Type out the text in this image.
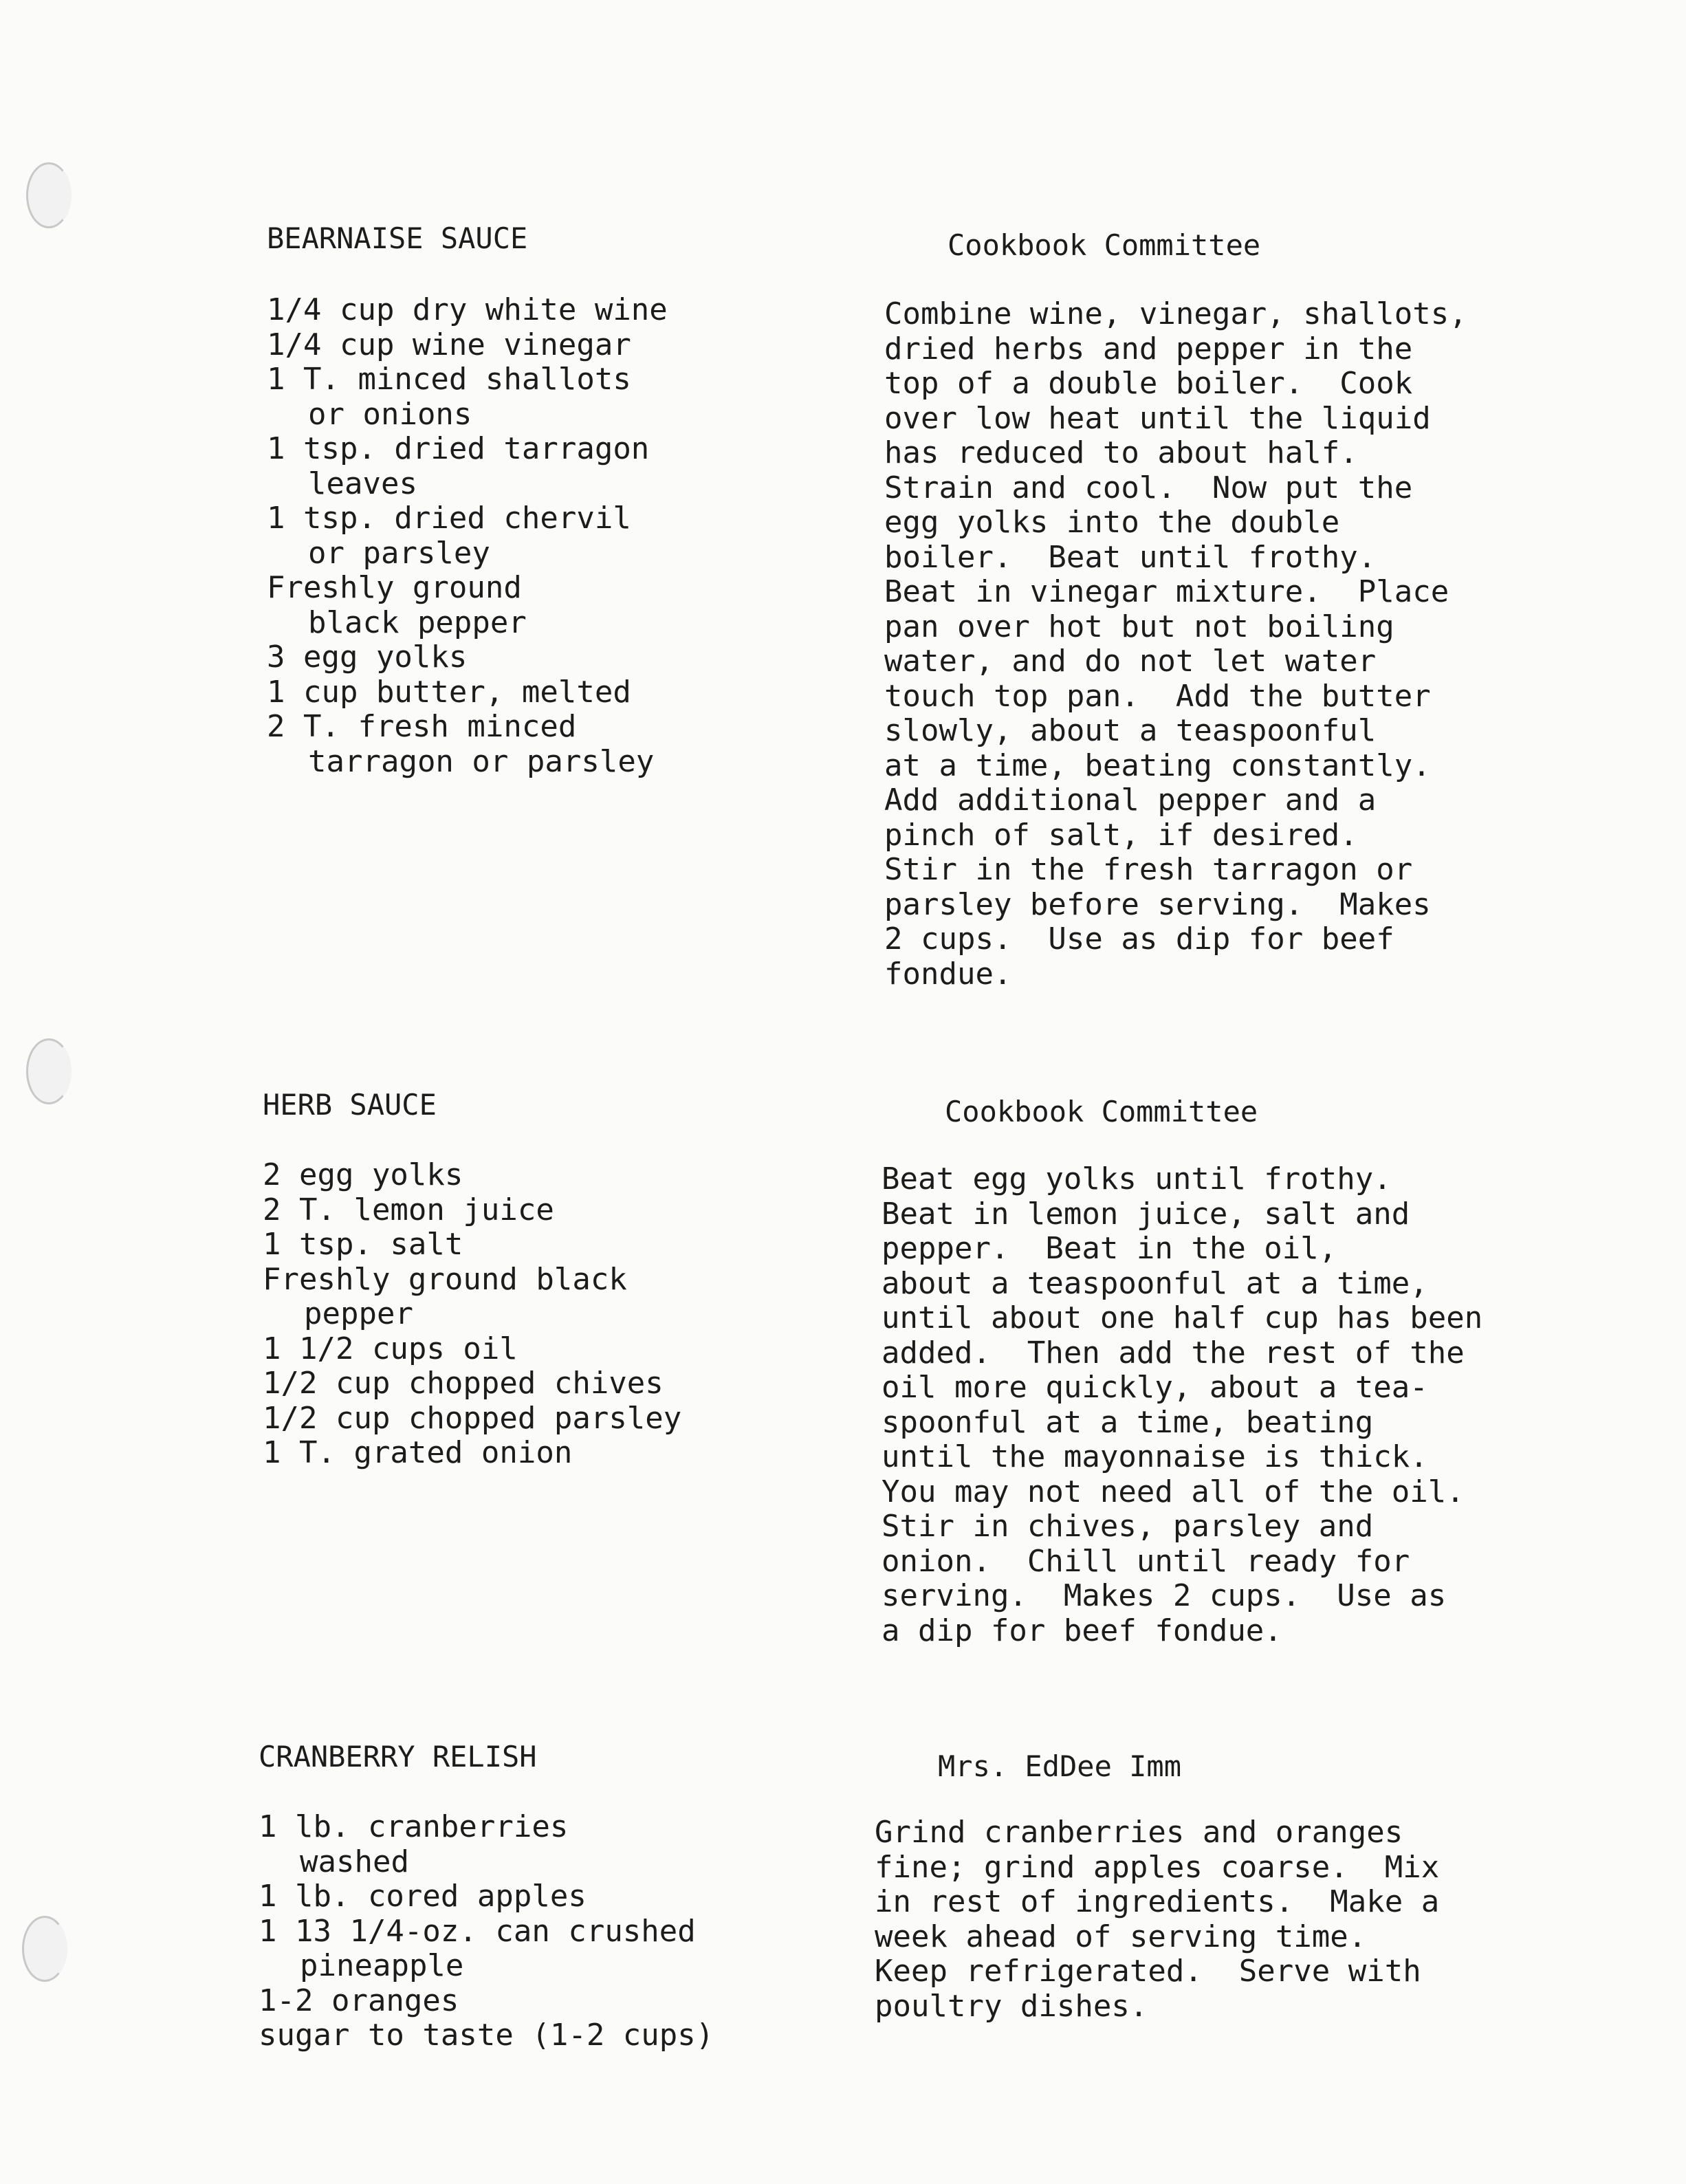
BEARNAISE SAUCE	Cookbook Committee
1/4 cup dry white wine
1/4 cup wine vinegar
1 T. minced shallots
or onions
1 tsp. dried tarragon
leaves
1 tsp. dried chervil
or parsley
Freshly ground
black pepper
3 egg yolks
1 cup butter, melted
2 T. fresh minced
tarragon or parsley
Combine wine, vinegar, shallots,
dried herbs and pepper in the
top of a double boiler.  Cook
over low heat until the liquid
has reduced to about half.
Strain and cool.  Now put the
egg yolks into the double
boiler.  Beat until frothy.
Beat in vinegar mixture.  Place
pan over hot but not boiling
water, and do not let water
touch top pan.  Add the butter
slowly, about a teaspoonful
at a time, beating constantly.
Add additional pepper and a
pinch of salt, if desired.
Stir in the fresh tarragon or
parsley before serving.  Makes
2 cups.  Use as dip for beef
fondue.
HERB SAUCE	Cookbook Committee
2 egg yolks
2 T. lemon juice
1 tsp. salt
Freshly ground black
pepper
1 1/2 cups oil
1/2 cup chopped chives
1/2 cup chopped parsley
1 T. grated onion
Beat egg yolks until frothy.
Beat in lemon juice, salt and
pepper.  Beat in the oil,
about a teaspoonful at a time,
until about one half cup has been
added.  Then add the rest of the
oil more quickly, about a tea-
spoonful at a time, beating
until the mayonnaise is thick.
You may not need all of the oil.
Stir in chives, parsley and
onion.  Chill until ready for
serving.  Makes 2 cups.  Use as
a dip for beef fondue.
CRANBERRY RELISH	Mrs. EdDee Imm
1 lb. cranberries
washed
1 lb. cored apples
1 13 1/4-oz. can crushed
pineapple
1-2 oranges
sugar to taste (1-2 cups)
Grind cranberries and oranges
fine; grind apples coarse.  Mix
in rest of ingredients.  Make a
week ahead of serving time.
Keep refrigerated.  Serve with
poultry dishes.
